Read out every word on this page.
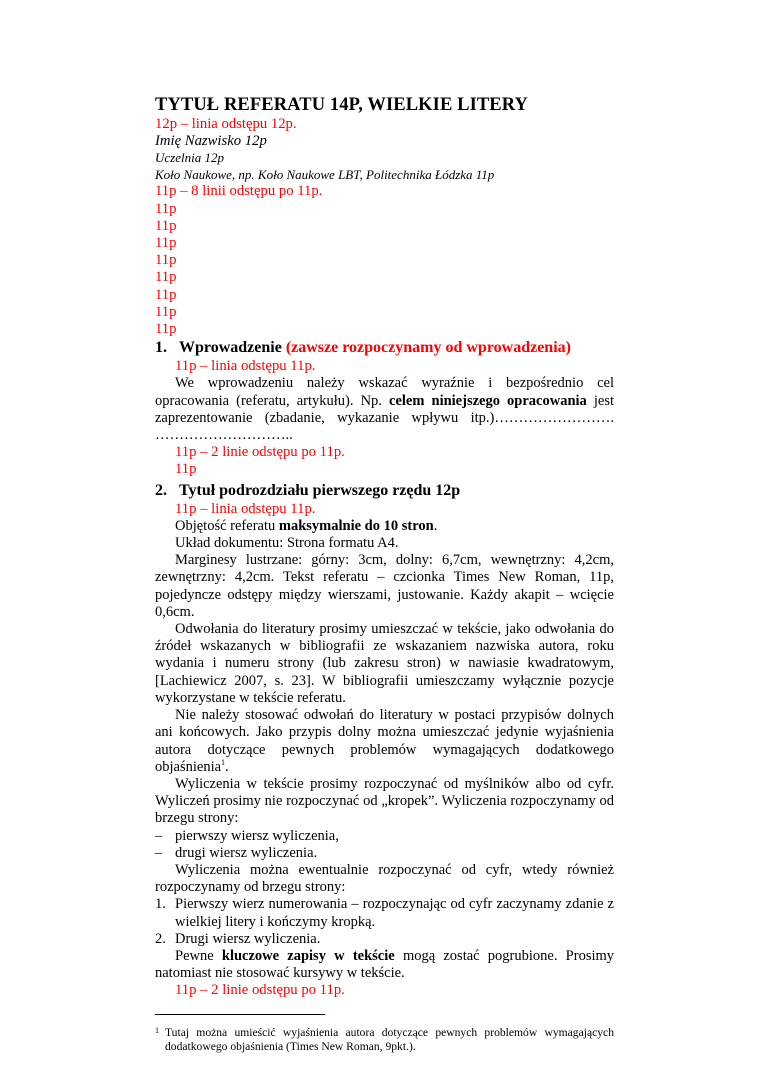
TYTUŁ REFERATU 14P, WIELKIE LITERY

12p – linia odstępu 12p.

Imię Nazwisko 12p

Uczelnia 12p

Koło Naukowe, np. Koło Naukowe LBT, Politechnika Łódzka 11p

11p – 8 linii odstępu po 11p.

11p

11p

11p

11p

11p

11p

11p

11p

1. Wprowadzenie (zawsze rozpoczynamy od wprowadzenia)

11p – linia odstępu 11p.

We wprowadzeniu należy wskazać wyraźnie i bezpośrednio cel opracowania (referatu, artykułu). Np. celem niniejszego opracowania jest zaprezentowanie (zbadanie, wykazanie wpływu itp.)……………………. ………………………..

11p – 2 linie odstępu po 11p.

11p

2. Tytuł podrozdziału pierwszego rzędu 12p

11p – linia odstępu 11p.

Objętość referatu maksymalnie do 10 stron.

Układ dokumentu: Strona formatu A4.

Marginesy lustrzane: górny: 3cm, dolny: 6,7cm, wewnętrzny: 4,2cm, zewnętrzny: 4,2cm. Tekst referatu – czcionka Times New Roman, 11p, pojedyncze odstępy między wierszami, justowanie. Każdy akapit – wcięcie 0,6cm.

Odwołania do literatury prosimy umieszczać w tekście, jako odwołania do źródeł wskazanych w bibliografii ze wskazaniem nazwiska autora, roku wydania i numeru strony (lub zakresu stron) w nawiasie kwadratowym, [Lachiewicz 2007, s. 23]. W bibliografii umieszczamy wyłącznie pozycje wykorzystane w tekście referatu.

Nie należy stosować odwołań do literatury w postaci przypisów dolnych ani końcowych. Jako przypis dolny można umieszczać jedynie wyjaśnienia autora dotyczące pewnych problemów wymagających dodatkowego objaśnienia$^1$.

Wyliczenia w tekście prosimy rozpoczynać od myślników albo od cyfr. Wyliczeń prosimy nie rozpoczynać od „kropek”. Wyliczenia rozpoczynamy od brzegu strony:

– pierwszy wiersz wyliczenia,

– drugi wiersz wyliczenia.

Wyliczenia można ewentualnie rozpoczynać od cyfr, wtedy również rozpoczynamy od brzegu strony:

1. Pierwszy wierz numerowania – rozpoczynając od cyfr zaczynamy zdanie z wielkiej litery i kończymy kropką.

2. Drugi wiersz wyliczenia.

Pewne kluczowe zapisy w tekście mogą zostać pogrubione. Prosimy natomiast nie stosować kursywy w tekście.

11p – 2 linie odstępu po 11p.

1 Tutaj można umieścić wyjaśnienia autora dotyczące pewnych problemów wymagających dodatkowego objaśnienia (Times New Roman, 9pkt.).
